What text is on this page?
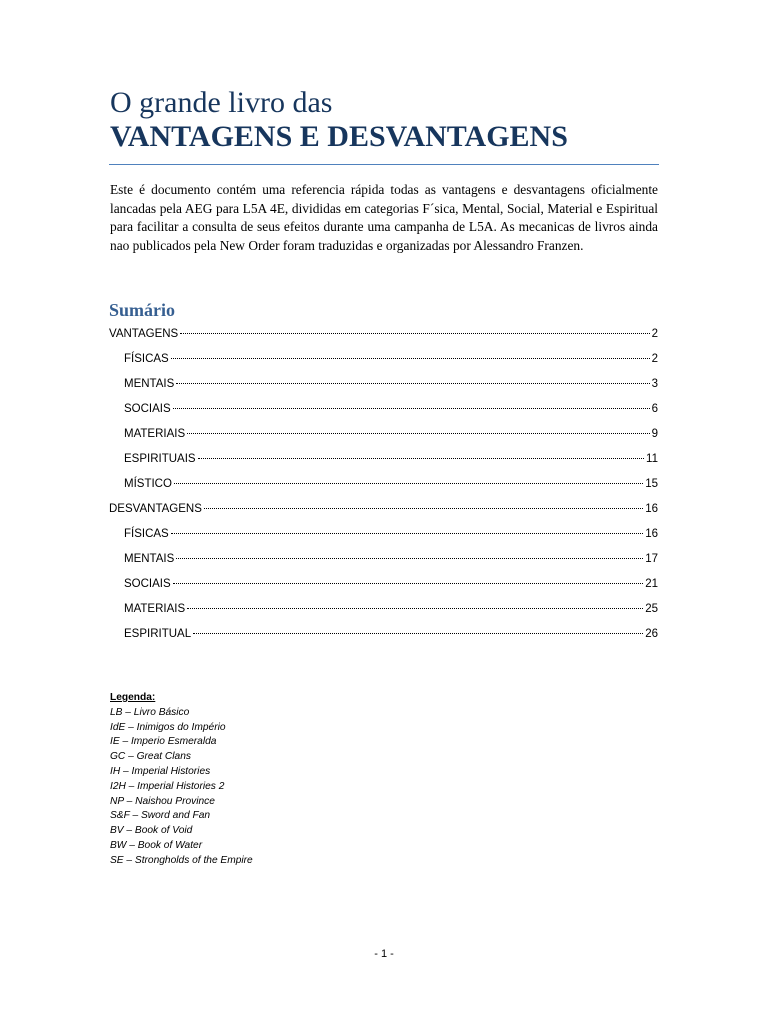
O grande livro das
VANTAGENS E DESVANTAGENS

Este é documento contém uma referencia rápida todas as vantagens e desvantagens oficialmente lancadas pela AEG para L5A 4E, divididas em categorias F´sica, Mental, Social, Material e Espiritual para facilitar a consulta de seus efeitos durante uma campanha de L5A. As mecanicas de livros ainda nao publicados pela New Order foram traduzidas e organizadas por Alessandro Franzen.

Sumário
VANTAGENS	2
FÍSICAS	2
MENTAIS	3
SOCIAIS	6
MATERIAIS	9
ESPIRITUAIS	11
MÍSTICO	15
DESVANTAGENS	16
FÍSICAS	16
MENTAIS	17
SOCIAIS	21
MATERIAIS	25
ESPIRITUAL	26
Legenda:
LB – Livro Básico
IdE – Inimigos do Império
IE – Imperio Esmeralda
GC – Great Clans
IH – Imperial Histories
I2H – Imperial Histories 2
NP – Naishou Province
S&F – Sword and Fan
BV – Book of Void
BW – Book of Water
SE – Strongholds of the Empire
- 1 -
